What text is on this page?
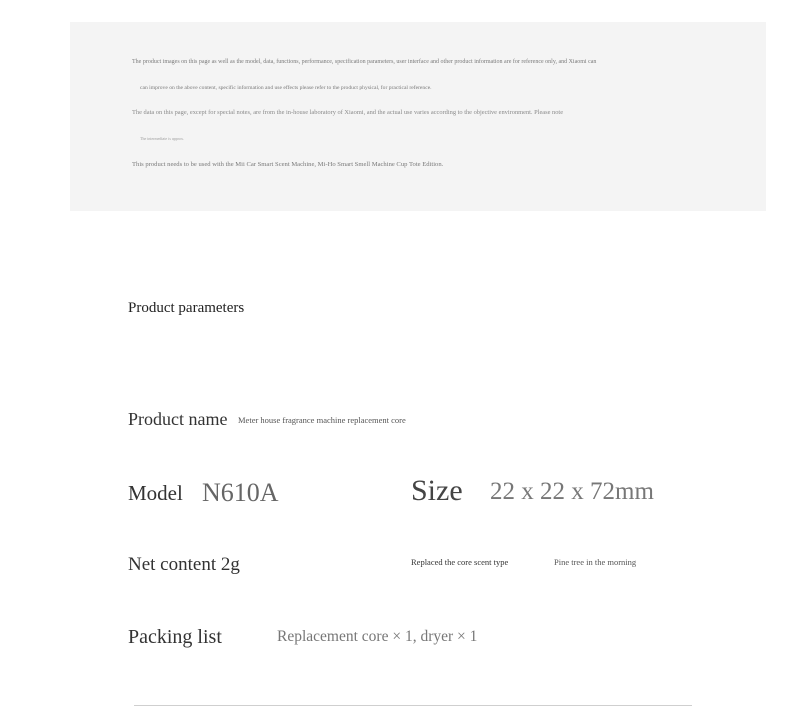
The product images on this page as well as the model, data, functions, performance, specification parameters, user interface and other product information are for reference only, and Xiaomi can
can improve on the above content, specific information and use effects please refer to the product physical, for practical reference.
The data on this page, except for special notes, are from the in-house laboratory of Xiaomi, and the actual use varies according to the objective environment. Please note
The intermediate is approx.
This product needs to be used with the Mii Car Smart Scent Machine, Mi-Ho Smart Smell Machine Cup Tote Edition.
Product parameters
Product name Meter house fragrance machine replacement core
Model N610A	Size 22 x 22 x 72mm
Net content 2g	Replaced the core scent type	Pine tree in the morning
Packing list	Replacement core × 1, dryer × 1
